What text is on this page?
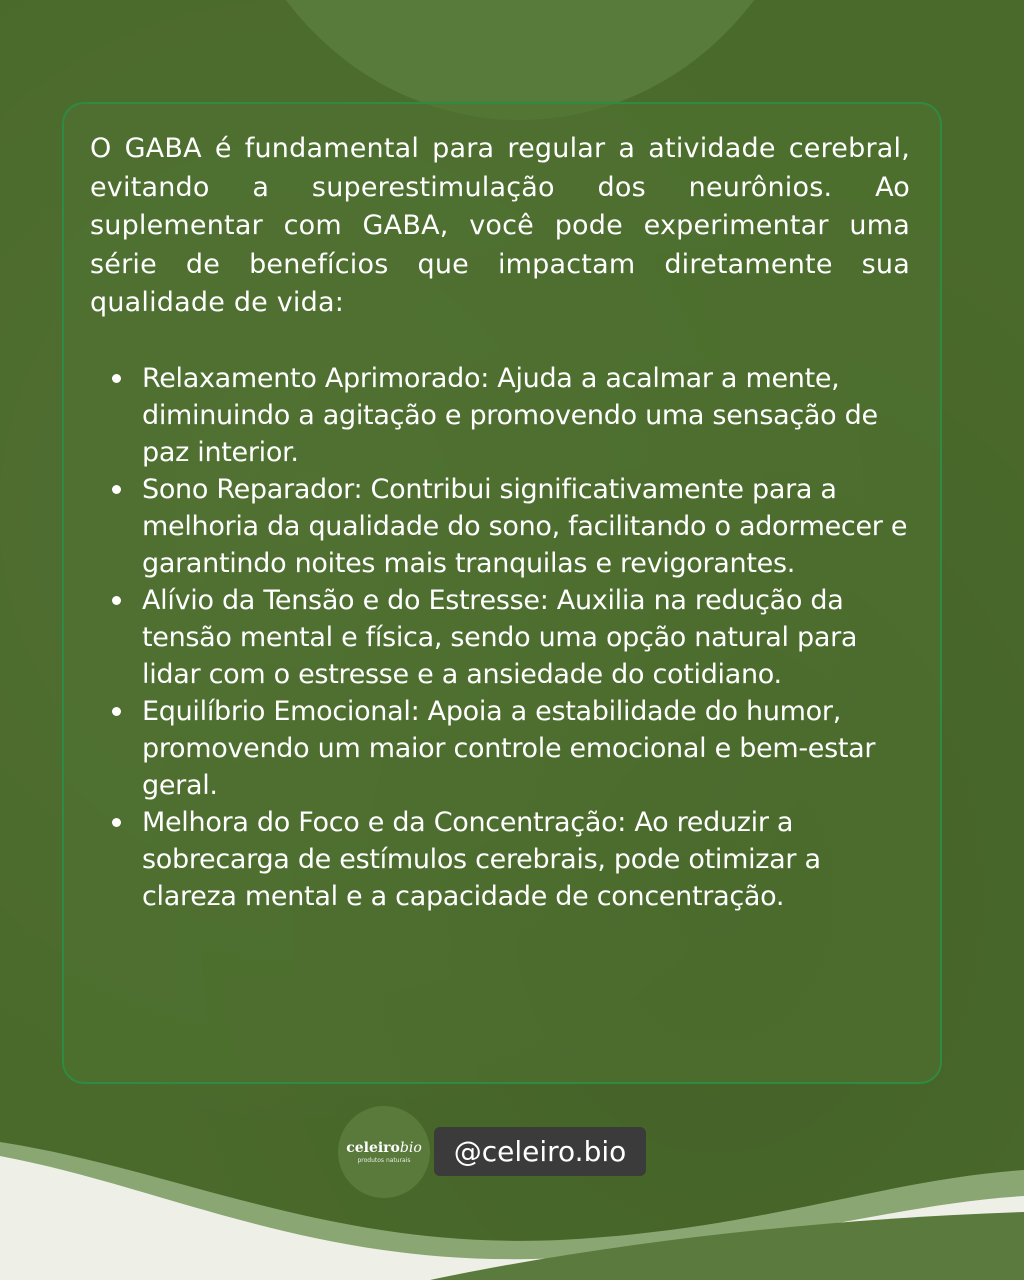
O GABA é fundamental para regular a atividade cerebral, evitando a superestimulação dos neurônios. Ao suplementar com GABA, você pode experimentar uma série de benefícios que impactam diretamente sua qualidade de vida:

Relaxamento Aprimorado : Ajuda a acalmar a mente, diminuindo a agitação e promovendo uma sensação de paz interior.
Sono Reparador : Contribui significativamente para a melhoria da qualidade do sono, facilitando o adormecer e garantindo noites mais tranquilas e revigorantes.
Alívio da Tensão e do Estresse : Auxilia na redução da tensão mental e física, sendo uma opção natural para lidar com o estresse e a ansiedade do cotidiano.
Equilíbrio Emocional : Apoia a estabilidade do humor, promovendo um maior controle emocional e bem-estar geral.
Melhora do Foco e da Concentração : Ao reduzir a sobrecarga de estímulos cerebrais, pode otimizar a clareza mental e a capacidade de concentração.
celeirobio
produtos naturais	@celeiro.bio
